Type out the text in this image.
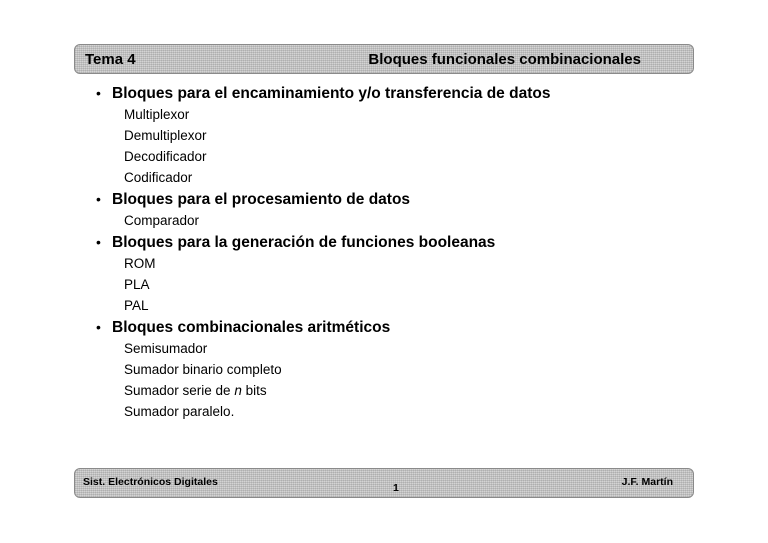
Tema 4	Bloques funcionales combinacionales
• Bloques para el encaminamiento y/o transferencia de datos
Multiplexor
Demultiplexor
Decodificador
Codificador
• Bloques para el procesamiento de datos
Comparador
• Bloques para la generación de funciones booleanas
ROM
PLA
PAL
• Bloques combinacionales aritméticos
Semisumador
Sumador binario completo
Sumador serie de n bits
Sumador paralelo.
Sist. Electrónicos Digitales	1	J.F. Martín
